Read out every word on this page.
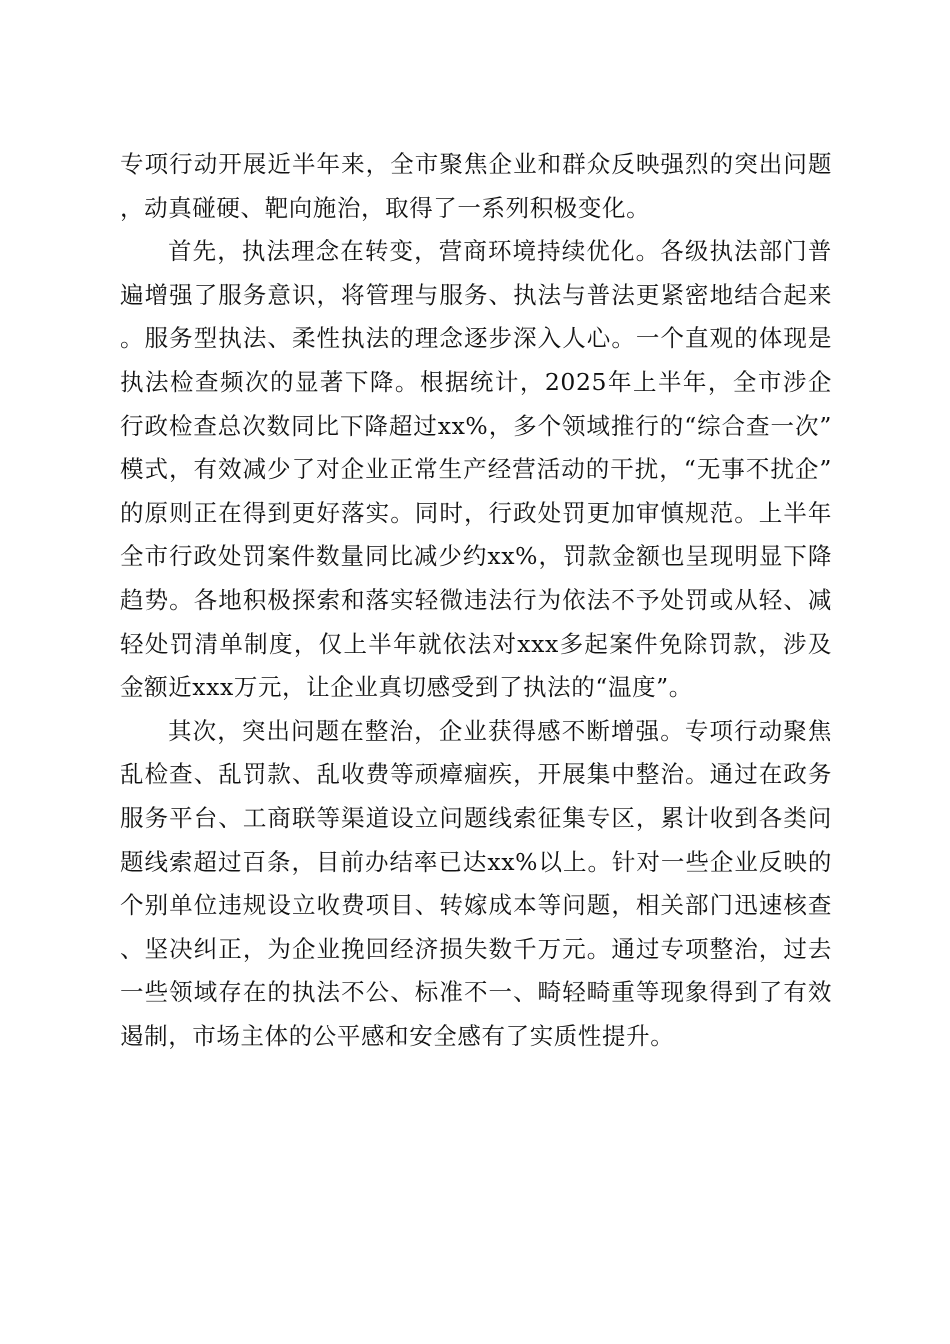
专项行动开展近半年来，全市聚焦企业和群众反映强烈的突出问题，动真碰硬、靶向施治，取得了一系列积极变化。

首先，执法理念在转变，营商环境持续优化。各级执法部门普遍增强了服务意识，将管理与服务、执法与普法更紧密地结合起来。服务型执法、柔性执法的理念逐步深入人心。一个直观的体现是执法检查频次的显著下降。根据统计，2025年上半年，全市涉企行政检查总次数同比下降超过xx%，多个领域推行的“综合查一次”模式，有效减少了对企业正常生产经营活动的干扰，“无事不扰企”的原则正在得到更好落实。同时，行政处罚更加审慎规范。上半年全市行政处罚案件数量同比减少约xx%，罚款金额也呈现明显下降趋势。各地积极探索和落实轻微违法行为依法不予处罚或从轻、减轻处罚清单制度，仅上半年就依法对xxx多起案件免除罚款，涉及金额近xxx万元，让企业真切感受到了执法的“温度”。

其次，突出问题在整治，企业获得感不断增强。专项行动聚焦乱检查、乱罚款、乱收费等顽瘴痼疾，开展集中整治。通过在政务服务平台、工商联等渠道设立问题线索征集专区，累计收到各类问题线索超过百条，目前办结率已达xx%以上。针对一些企业反映的个别单位违规设立收费项目、转嫁成本等问题，相关部门迅速核查、坚决纠正，为企业挽回经济损失数千万元。通过专项整治，过去一些领域存在的执法不公、标准不一、畸轻畸重等现象得到了有效遏制，市场主体的公平感和安全感有了实质性提升。
